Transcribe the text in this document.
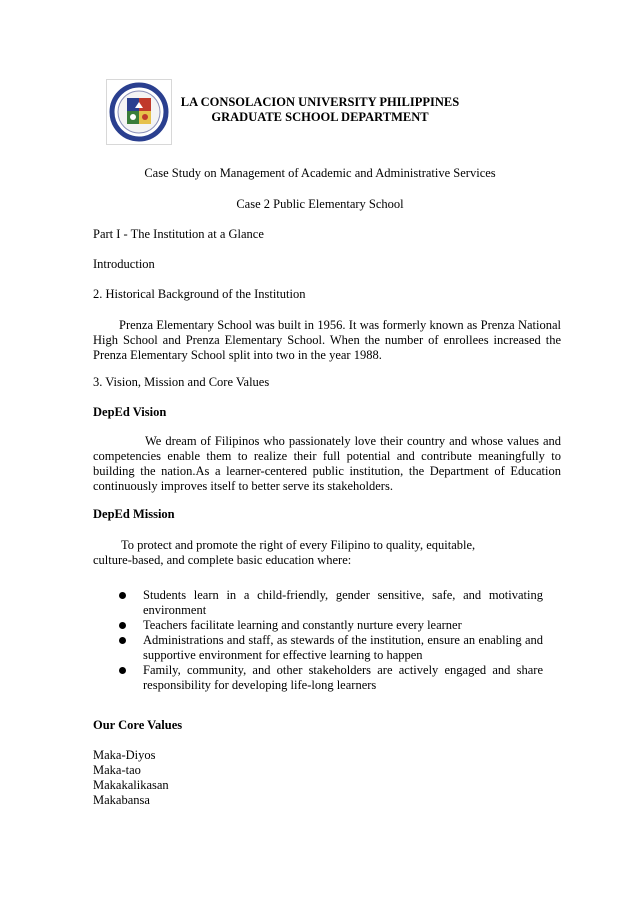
LA CONSOLACION UNIVERSITY PHILIPPINES
GRADUATE SCHOOL DEPARTMENT
Case Study on Management of Academic and Administrative Services
Case 2 Public Elementary School
Part I - The Institution at a Glance
Introduction
2. Historical Background of the Institution
Prenza Elementary School was built in 1956. It was formerly known as Prenza National High School and Prenza Elementary School. When the number of enrollees increased the Prenza Elementary School split into two in the year 1988.
3. Vision, Mission and Core Values
DepEd Vision
We dream of Filipinos who passionately love their country and whose values and competencies enable them to realize their full potential and contribute meaningfully to building the nation.As a learner-centered public institution, the Department of Education continuously improves itself to better serve its stakeholders.
DepEd Mission
To protect and promote the right of every Filipino to quality, equitable,
culture-based, and complete basic education where:
Students learn in a child-friendly, gender sensitive, safe, and motivating environment
Teachers facilitate learning and constantly nurture every learner
Administrations and staff, as stewards of the institution, ensure an enabling and supportive environment for effective learning to happen
Family, community, and other stakeholders are actively engaged and share responsibility for developing life-long learners
Our Core Values
Maka-Diyos
Maka-tao
Makakalikasan
Makabansa
